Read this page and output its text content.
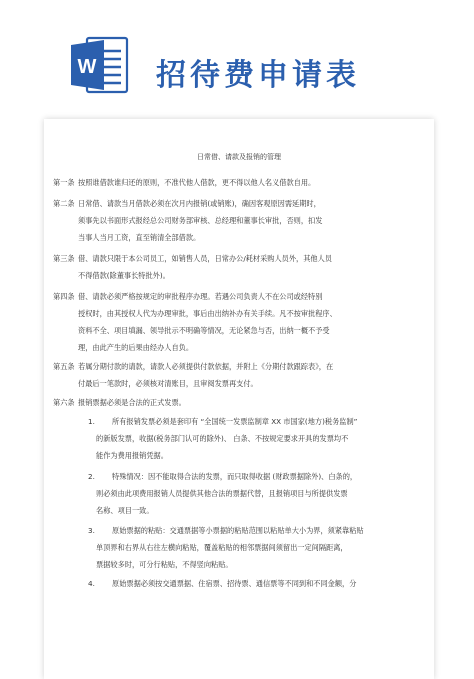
W 招待费申请表
日常借、请款及报销的管理
第一条 按照谁借款谁归还的原则，不准代他人借款，更不得以他人名义借款自用。
第二条 日常借、请款当月借款必须在次月内报销(或销账)，确因客观原因需延期时，
须事先以书面形式报经总公司财务部审核、总经理和董事长审批，否则，扣发
当事人当月工资，直至销清全部借款。
第三条 借、请款只限于本公司员工，如销售人员，日常办公/耗材采购人员外，其他人员
不得借款(除董事长特批外)。
第四条 借、请款必须严格按规定的审批程序办理。若遇公司负责人不在公司或经特别
授权时，由其授权人代为办理审批，事后由出纳补办有关手续。凡不按审批程序、
资料不全、项目填漏、领导批示不明确等情况，无论紧急与否，出纳一概不予受
理，由此产生的后果由经办人自负。
第五条 若属分期付款的请款，请款人必须提供付款依据，并附上《分期付款跟踪表》，在
付最后一笔款时，必须核对清账目，且审阅发票再支付。
第六条 报销票据必须是合法的正式发票。
1. 所有报销发票必须是套印有 “全国统一发票监制章 XX 市国家(地方)税务监制”
的新版发票，收据(税务部门认可的除外)、 白条、不按规定要求开具的发票均不
能作为费用报销凭据。
2. 特殊情况：因不能取得合法的发票，而只取得收据 (财政票据除外)、白条的，
则必须由此项费用报销人员提供其他合法的票据代替，且报销项目与所提供发票
名称、项目一致。
3. 原始票据的粘贴：交通票据等小票据的粘贴范围以粘贴单大小为界，须紧靠粘贴
单顶界和右界从右往左横向粘贴，覆盖粘贴的相邻票据间须留出一定间隔距离，
票据较多时，可分行粘贴，不得竖向粘贴。
4. 原始票据必须按交通票据、住宿票、招待票、通信票等不同到和不同金额，分
